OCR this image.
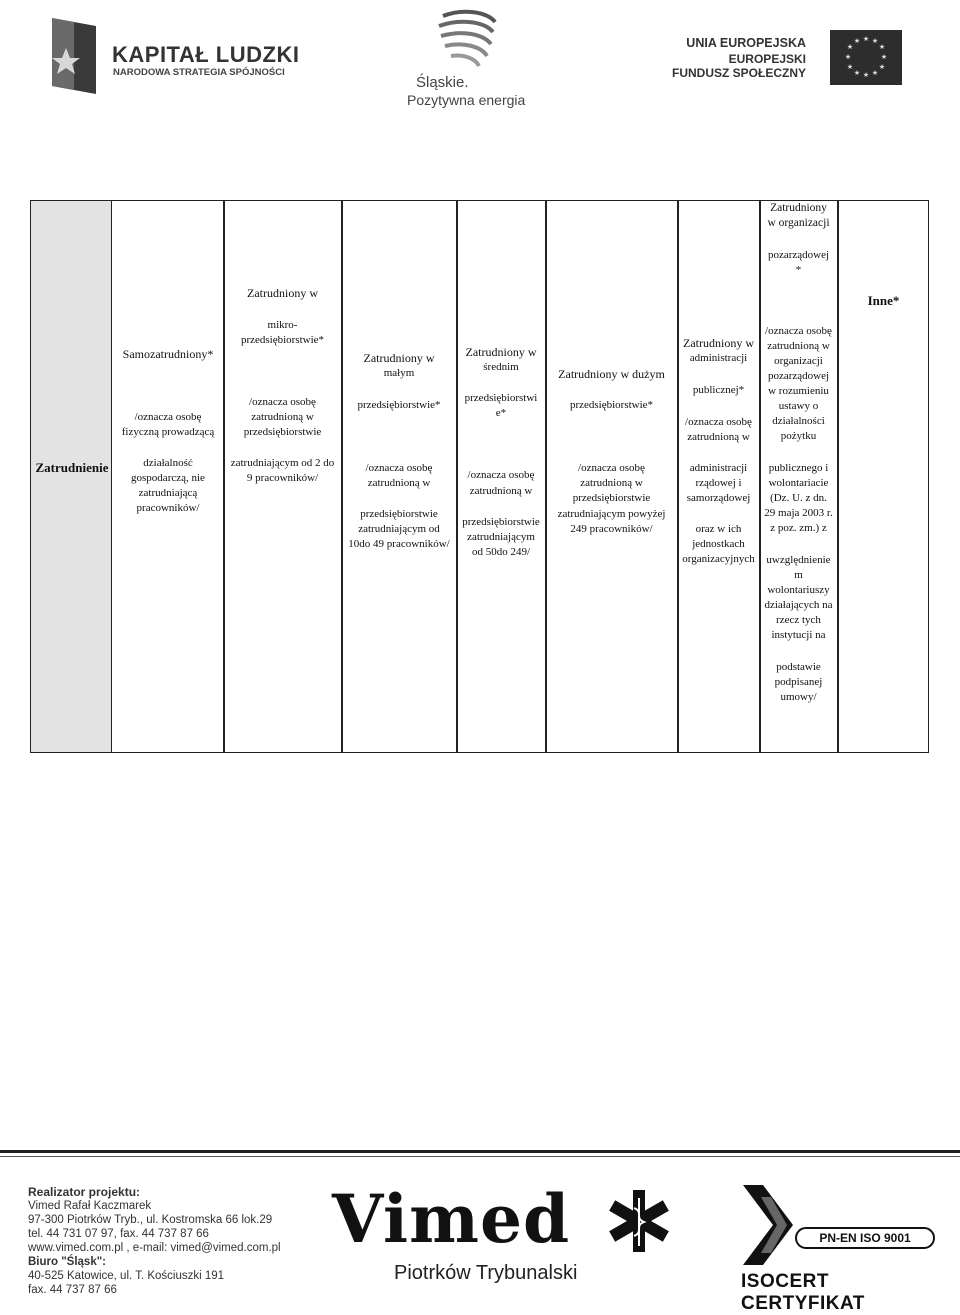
KAPITAŁ LUDZKI
NARODOWA STRATEGIA SPÓJNOŚCI
Śląskie.
Pozytywna energia
UNIA EUROPEJSKA
EUROPEJSKI
FUNDUSZ SPOŁECZNY
★ ★
★
★
★
★
★
★
★
★
★
★
Zatrudnienie
Samozatrudniony*
/oznacza osobę
fizyczną prowadzącą
działalność
gospodarczą, nie
zatrudniającą
pracowników/
Zatrudniony w
mikro-
przedsiębiorstwie*
/oznacza osobę
zatrudnioną w
przedsiębiorstwie
zatrudniającym od 2 do
9 pracowników/
Zatrudniony w
małym
przedsiębiorstwie*
/oznacza osobę
zatrudnioną w
przedsiębiorstwie
zatrudniającym od
10do 49 pracowników/
Zatrudniony w
średnim
przedsiębiorstwi
e*
/oznacza osobę
zatrudnioną w
przedsiębiorstwie
zatrudniającym
od 50do 249/
Zatrudniony w dużym
przedsiębiorstwie*
/oznacza osobę
zatrudnioną w
przedsiębiorstwie
zatrudniającym powyżej
249 pracowników/
Zatrudniony w
administracji
publicznej*
/oznacza osobę
zatrudnioną w
administracji
rządowej i
samorządowej
oraz w ich
jednostkach
organizacyjnych
Zatrudniony
w organizacji
pozarządowej
*
/oznacza osobę
zatrudnioną w
organizacji
pozarządowej
w rozumieniu
ustawy o
działalności
pożytku
publicznego i
wolontariacie
(Dz. U. z dn.
29 maja 2003 r.
z poz. zm.) z
uwzględnienie
m
wolontariuszy
działających na
rzecz tych
instytucji na
podstawie
podpisanej
umowy/
Inne*
Realizator projektu:
Vimed Rafał Kaczmarek
97-300 Piotrków Tryb., ul. Kostromska 66 lok.29
tel. 44 731 07 97, fax. 44 737 87 66
www.vimed.com.pl , e-mail: vimed@vimed.com.pl
Biuro "Śląsk":
40-525 Katowice, ul. T. Kościuszki 191
fax. 44 737 87 66
Vimed
Piotrków Trybunalski
PN-EN ISO 9001
ISOCERT CERTYFIKAT
